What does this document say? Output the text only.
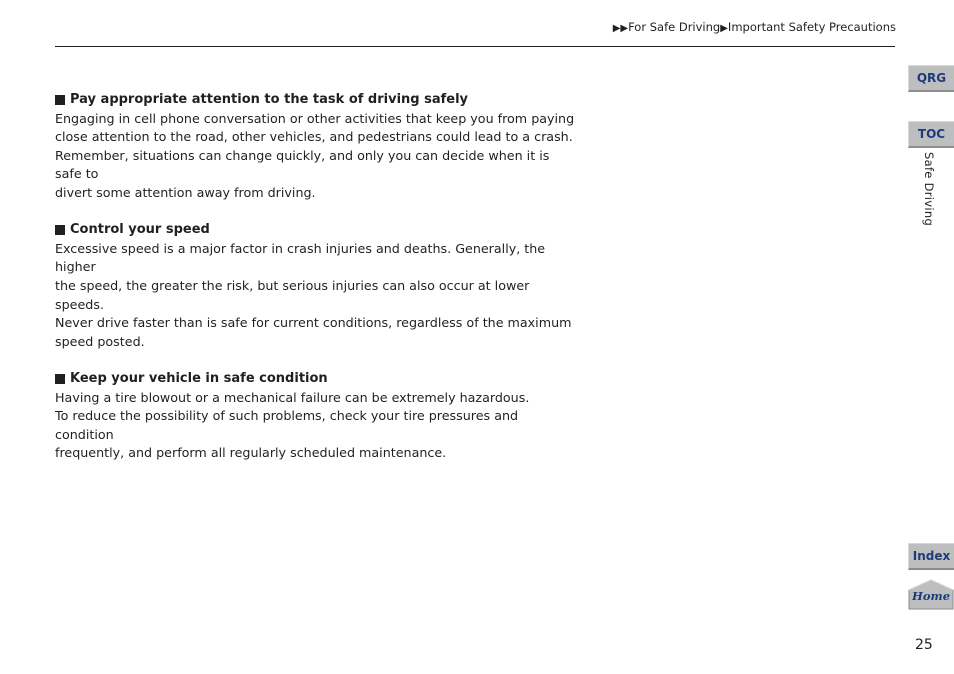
▶▶For Safe Driving▶Important Safety Precautions
Pay appropriate attention to the task of driving safely

Engaging in cell phone conversation or other activities that keep you from paying
close attention to the road, other vehicles, and pedestrians could lead to a crash.
Remember, situations can change quickly, and only you can decide when it is safe to
divert some attention away from driving.

Control your speed

Excessive speed is a major factor in crash injuries and deaths. Generally, the higher
the speed, the greater the risk, but serious injuries can also occur at lower speeds.
Never drive faster than is safe for current conditions, regardless of the maximum
speed posted.

Keep your vehicle in safe condition

Having a tire blowout or a mechanical failure can be extremely hazardous.
To reduce the possibility of such problems, check your tire pressures and condition
frequently, and perform all regularly scheduled maintenance.

QRG
TOC
Safe Driving
Index
Home
25
